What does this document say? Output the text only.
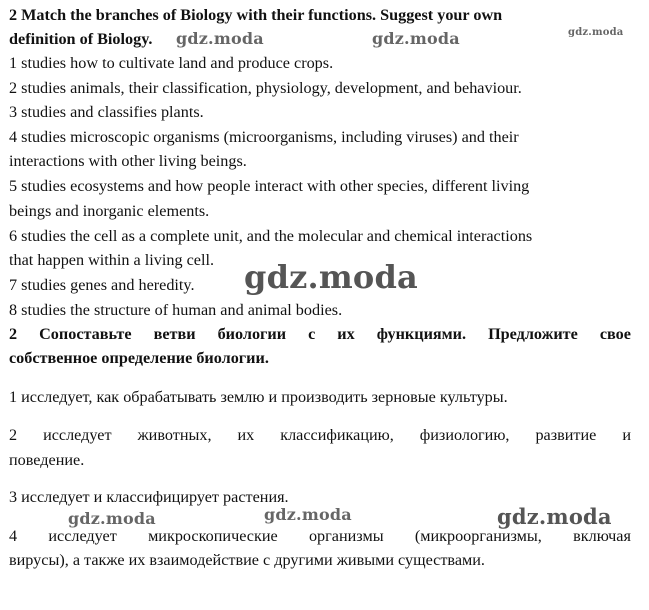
2 Match the branches of Biology with their functions. Suggest your own
definition of Biology.
1 studies how to cultivate land and produce crops.
2 studies animals, their classification, physiology, development, and behaviour.
3 studies and classifies plants.
4 studies microscopic organisms (microorganisms, including viruses) and their
interactions with other living beings.
5 studies ecosystems and how people interact with other species, different living
beings and inorganic elements.
6 studies the cell as a complete unit, and the molecular and chemical interactions
that happen within a living cell.
7 studies genes and heredity.
8 studies the structure of human and animal bodies.
2 Сопоставьте ветви биологии с их функциями. Предложите свое
собственное определение биологии.
1 исследует, как обрабатывать землю и производить зерновые культуры.
2 исследует животных, их классификацию, физиологию, развитие и
поведение.
3 исследует и классифицирует растения.
4 исследует микроскопические организмы (микроорганизмы, включая
вирусы), а также их взаимодействие с другими живыми существами.
gdz.moda	gdz.moda	gdz.moda
gdz.moda
gdz.moda	gdz.moda	gdz.moda
